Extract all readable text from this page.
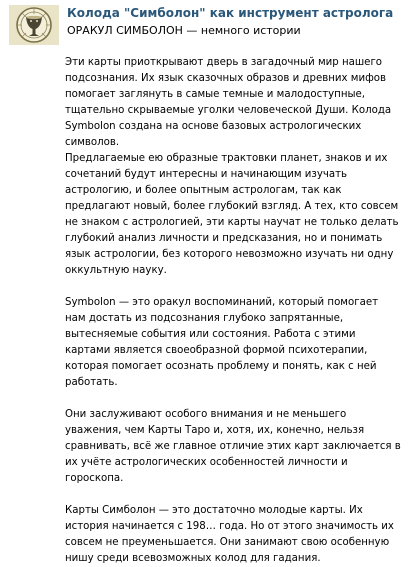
Колода "Симболон" как инструмент астролога
ОРАКУЛ СИМБОЛОН — немного истории

Эти карты приоткрывают дверь в загадочный мир нашего подсознания. Их язык сказочных образов и древних мифов помогает заглянуть в самые темные и малодоступные, тщательно скрываемые уголки человеческой Души. Колода Symbolon создана на основе базовых астрологических символов.

Предлагаемые ею образные трактовки планет, знаков и их сочетаний будут интересны и начинающим изучать астрологию, и более опытным астрологам, так как предлагают новый, более глубокий взгляд. А тех, кто совсем не знаком с астрологией, эти карты научат не только делать глубокий анализ личности и предсказания, но и понимать язык астрологии, без которого невозможно изучать ни одну оккультную науку.

Symbolon — это оракул воспоминаний, который помогает нам достать из подсознания глубоко запрятанные, вытесняемые события или состояния. Работа с этими картами является своеобразной формой психотерапии, которая помогает осознать проблему и понять, как с ней работать.

Они заслуживают особого внимания и не меньшего уважения, чем Карты Таро и, хотя, их, конечно, нельзя сравнивать, всё же главное отличие этих карт заключается в их учёте астрологических особенностей личности и гороскопа.

Карты Симболон — это достаточно молодые карты. Их история начинается с 198… года. Но от этого значимость их совсем не преуменьшается. Они занимают свою особенную нишу среди всевозможных колод для гадания.
